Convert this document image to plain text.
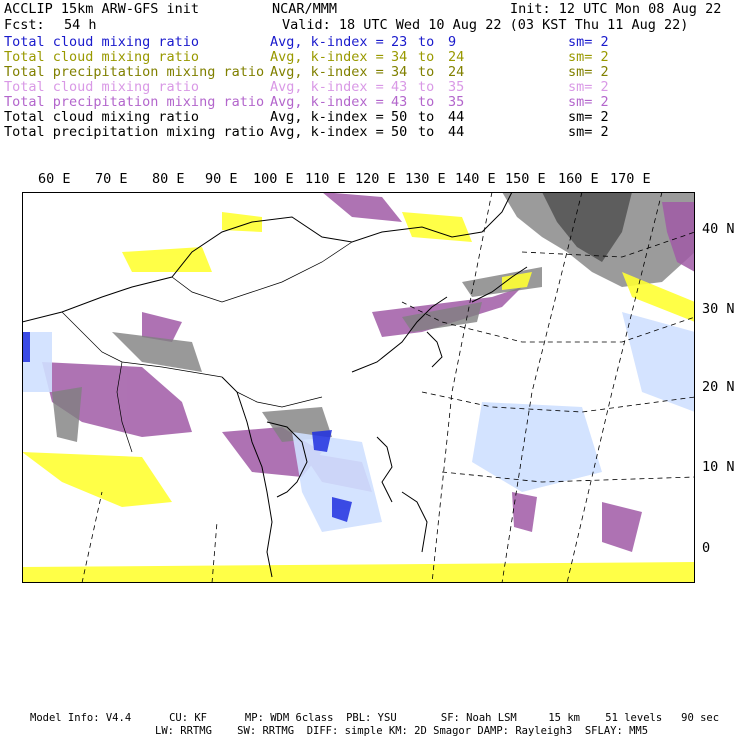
ACCLIP 15km ARW-GFS init	NCAR/MMM	Init: 12 UTC Mon 08 Aug 22
Fcst: 54 h	Valid: 18 UTC Wed 10 Aug 22 (03 KST Thu 11 Aug 22)
Total cloud mixing ratio	Avg, k-index = 23 to 9	sm= 2
Total cloud mixing ratio	Avg, k-index = 34 to 24	sm= 2
Total precipitation mixing ratio Avg, k-index = 34 to 24	sm= 2
Total cloud mixing ratio	Avg, k-index = 43 to 35	sm= 2
Total precipitation mixing ratio Avg, k-index = 43 to 35	sm= 2
Total cloud mixing ratio	Avg, k-index = 50 to 44	sm= 2
Total precipitation mixing ratio Avg, k-index = 50 to 44	sm= 2
60 E 70 E 80 E 90 E 100 E 110 E 120 E 130 E 140 E 150 E 160 E 170 E
40 N
30 N
20 N
10 N
0
Model Info: V4.4      CU: KF      MP: WDM 6class  PBL: YSU       SF: Noah LSM     15 km    51 levels   90 sec
LW: RRTMG    SW: RRTMG  DIFF: simple KM: 2D Smagor DAMP: Rayleigh3  SFLAY: MM5
